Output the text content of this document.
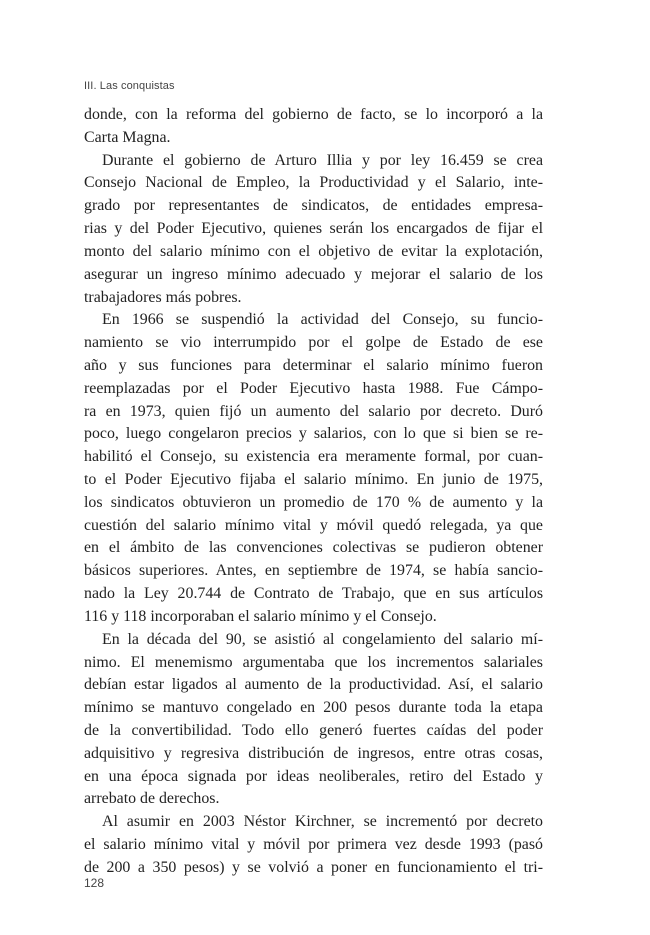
III. Las conquistas
donde, con la reforma del gobierno de facto, se lo incorporó a la
Carta Magna.
Durante el gobierno de Arturo Illia y por ley 16.459 se crea
Consejo Nacional de Empleo, la Productividad y el Salario, inte-
grado por representantes de sindicatos, de entidades empresa-
rias y del Poder Ejecutivo, quienes serán los encargados de fijar el
monto del salario mínimo con el objetivo de evitar la explotación,
asegurar un ingreso mínimo adecuado y mejorar el salario de los
trabajadores más pobres.
En 1966 se suspendió la actividad del Consejo, su funcio-
namiento se vio interrumpido por el golpe de Estado de ese
año y sus funciones para determinar el salario mínimo fueron
reemplazadas por el Poder Ejecutivo hasta 1988. Fue Cámpo-
ra en 1973, quien fijó un aumento del salario por decreto. Duró
poco, luego congelaron precios y salarios, con lo que si bien se re-
habilitó el Consejo, su existencia era meramente formal, por cuan-
to el Poder Ejecutivo fijaba el salario mínimo. En junio de 1975,
los sindicatos obtuvieron un promedio de 170 % de aumento y la
cuestión del salario mínimo vital y móvil quedó relegada, ya que
en el ámbito de las convenciones colectivas se pudieron obtener
básicos superiores. Antes, en septiembre de 1974, se había sancio-
nado la Ley 20.744 de Contrato de Trabajo, que en sus artículos
116 y 118 incorporaban el salario mínimo y el Consejo.
En la década del 90, se asistió al congelamiento del salario mí-
nimo. El menemismo argumentaba que los incrementos salariales
debían estar ligados al aumento de la productividad. Así, el salario
mínimo se mantuvo congelado en 200 pesos durante toda la etapa
de la convertibilidad. Todo ello generó fuertes caídas del poder
adquisitivo y regresiva distribución de ingresos, entre otras cosas,
en una época signada por ideas neoliberales, retiro del Estado y
arrebato de derechos.
Al asumir en 2003 Néstor Kirchner, se incrementó por decreto
el salario mínimo vital y móvil por primera vez desde 1993 (pasó
de 200 a 350 pesos) y se volvió a poner en funcionamiento el tri-
128
